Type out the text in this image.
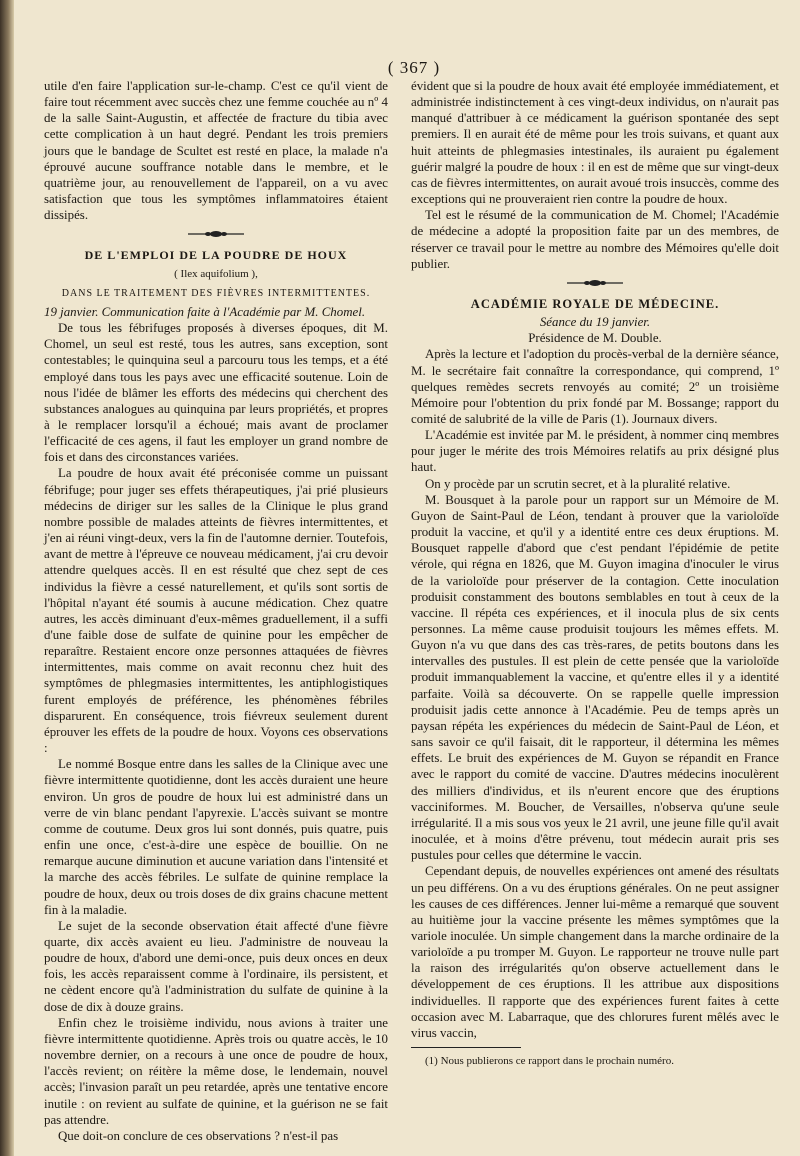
( 367 )

utile d'en faire l'application sur-le-champ. C'est ce qu'il vient de faire tout récemment avec succès chez une femme couchée au nº 4 de la salle Saint-Augustin, et affectée de fracture du tibia avec cette complication à un haut degré. Pendant les trois premiers jours que le bandage de Scultet est resté en place, la malade n'a éprouvé aucune souffrance notable dans le membre, et le quatrième jour, au renouvellement de l'appareil, on a vu avec satisfaction que tous les symptômes inflammatoires étaient dissipés.

DE L'EMPLOI DE LA POUDRE DE HOUX
( Ilex aquifolium ),
DANS LE TRAITEMENT DES FIÈVRES INTERMITTENTES.

19 janvier. Communication faite à l'Académie par M. Chomel.

De tous les fébrifuges proposés à diverses époques, dit M. Chomel, un seul est resté, tous les autres, sans exception, sont contestables; le quinquina seul a parcouru tous les temps, et a été employé dans tous les pays avec une efficacité soutenue. Loin de nous l'idée de blâmer les efforts des médecins qui cherchent des substances analogues au quinquina par leurs propriétés, et propres à le remplacer lorsqu'il a échoué; mais avant de proclamer l'efficacité de ces agens, il faut les employer un grand nombre de fois et dans des circonstances variées.

La poudre de houx avait été préconisée comme un puissant fébrifuge; pour juger ses effets thérapeutiques, j'ai prié plusieurs médecins de diriger sur les salles de la Clinique le plus grand nombre possible de malades atteints de fièvres intermittentes, et j'en ai réuni vingt-deux, vers la fin de l'automne dernier. Toutefois, avant de mettre à l'épreuve ce nouveau médicament, j'ai cru devoir attendre quelques accès. Il en est résulté que chez sept de ces individus la fièvre a cessé naturellement, et qu'ils sont sortis de l'hôpital n'ayant été soumis à aucune médication. Chez quatre autres, les accès diminuant d'eux-mêmes graduellement, il a suffi d'une faible dose de sulfate de quinine pour les empêcher de reparaître. Restaient encore onze personnes attaquées de fièvres intermittentes, mais comme on avait reconnu chez huit des symptômes de phlegmasies intermittentes, les antiphlogistiques furent employés de préférence, les phénomènes fébriles disparurent. En conséquence, trois fiévreux seulement durent éprouver les effets de la poudre de houx. Voyons ces observations :

Le nommé Bosque entre dans les salles de la Clinique avec une fièvre intermittente quotidienne, dont les accès duraient une heure environ. Un gros de poudre de houx lui est administré dans un verre de vin blanc pendant l'apyrexie. L'accès suivant se montre comme de coutume. Deux gros lui sont donnés, puis quatre, puis enfin une once, c'est-à-dire une espèce de bouillie. On ne remarque aucune diminution et aucune variation dans l'intensité et la marche des accès fébriles. Le sulfate de quinine remplace la poudre de houx, deux ou trois doses de dix grains chacune mettent fin à la maladie.

Le sujet de la seconde observation était affecté d'une fièvre quarte, dix accès avaient eu lieu. J'administre de nouveau la poudre de houx, d'abord une demi-once, puis deux onces en deux fois, les accès reparaissent comme à l'ordinaire, ils persistent, et ne cèdent encore qu'à l'administration du sulfate de quinine à la dose de dix à douze grains.

Enfin chez le troisième individu, nous avions à traiter une fièvre intermittente quotidienne. Après trois ou quatre accès, le 10 novembre dernier, on a recours à une once de poudre de houx, l'accès revient; on réitère la même dose, le lendemain, nouvel accès; l'invasion paraît un peu retardée, après une tentative encore inutile : on revient au sulfate de quinine, et la guérison ne se fait pas attendre.

Que doit-on conclure de ces observations ? n'est-il pas

évident que si la poudre de houx avait été employée immédiatement, et administrée indistinctement à ces vingt-deux individus, on n'aurait pas manqué d'attribuer à ce médicament la guérison spontanée des sept premiers. Il en aurait été de même pour les trois suivans, et quant aux huit atteints de phlegmasies intestinales, ils auraient pu également guérir malgré la poudre de houx : il en est de même que sur vingt-deux cas de fièvres intermittentes, on aurait avoué trois insuccès, comme des exceptions qui ne prouveraient rien contre la poudre de houx.

Tel est le résumé de la communication de M. Chomel; l'Académie de médecine a adopté la proposition faite par un des membres, de réserver ce travail pour le mettre au nombre des Mémoires qu'elle doit publier.

ACADÉMIE ROYALE DE MÉDECINE.
Séance du 19 janvier.
Présidence de M. Double.

Après la lecture et l'adoption du procès-verbal de la dernière séance, M. le secrétaire fait connaître la correspondance, qui comprend, 1º quelques remèdes secrets renvoyés au comité; 2º un troisième Mémoire pour l'obtention du prix fondé par M. Bossange; rapport du comité de salubrité de la ville de Paris (1). Journaux divers.

L'Académie est invitée par M. le président, à nommer cinq membres pour juger le mérite des trois Mémoires relatifs au prix désigné plus haut.

On y procède par un scrutin secret, et à la pluralité relative.

M. Bousquet à la parole pour un rapport sur un Mémoire de M. Guyon de Saint-Paul de Léon, tendant à prouver que la varioloïde produit la vaccine, et qu'il y a identité entre ces deux éruptions. M. Bousquet rappelle d'abord que c'est pendant l'épidémie de petite vérole, qui régna en 1826, que M. Guyon imagina d'inoculer le virus de la varioloïde pour préserver de la contagion. Cette inoculation produisit constamment des boutons semblables en tout à ceux de la vaccine. Il répéta ces expériences, et il inocula plus de six cents personnes. La même cause produisit toujours les mêmes effets. M. Guyon n'a vu que dans des cas très-rares, de petits boutons dans les intervalles des pustules. Il est plein de cette pensée que la varioloïde produit immanquablement la vaccine, et qu'entre elles il y a identité parfaite. Voilà sa découverte. On se rappelle quelle impression produisit jadis cette annonce à l'Académie. Peu de temps après un paysan répéta les expériences du médecin de Saint-Paul de Léon, et sans savoir ce qu'il faisait, dit le rapporteur, il détermina les mêmes effets. Le bruit des expériences de M. Guyon se répandit en France avec le rapport du comité de vaccine. D'autres médecins inoculèrent des milliers d'individus, et ils n'eurent encore que des éruptions vacciniformes. M. Boucher, de Versailles, n'observa qu'une seule irrégularité. Il a mis sous vos yeux le 21 avril, une jeune fille qu'il avait inoculée, et à moins d'être prévenu, tout médecin aurait pris ses pustules pour celles que détermine le vaccin.

Cependant depuis, de nouvelles expériences ont amené des résultats un peu différens. On a vu des éruptions générales. On ne peut assigner les causes de ces différences. Jenner lui-même a remarqué que souvent au huitième jour la vaccine présente les mêmes symptômes que la variole inoculée. Un simple changement dans la marche ordinaire de la varioloïde a pu tromper M. Guyon. Le rapporteur ne trouve nulle part la raison des irrégularités qu'on observe actuellement dans le développement de ces éruptions. Il les attribue aux dispositions individuelles. Il rapporte que des expériences furent faites à cette occasion avec M. Labarraque, que des chlorures furent mêlés avec le virus vaccin,

(1) Nous publierons ce rapport dans le prochain numéro.
